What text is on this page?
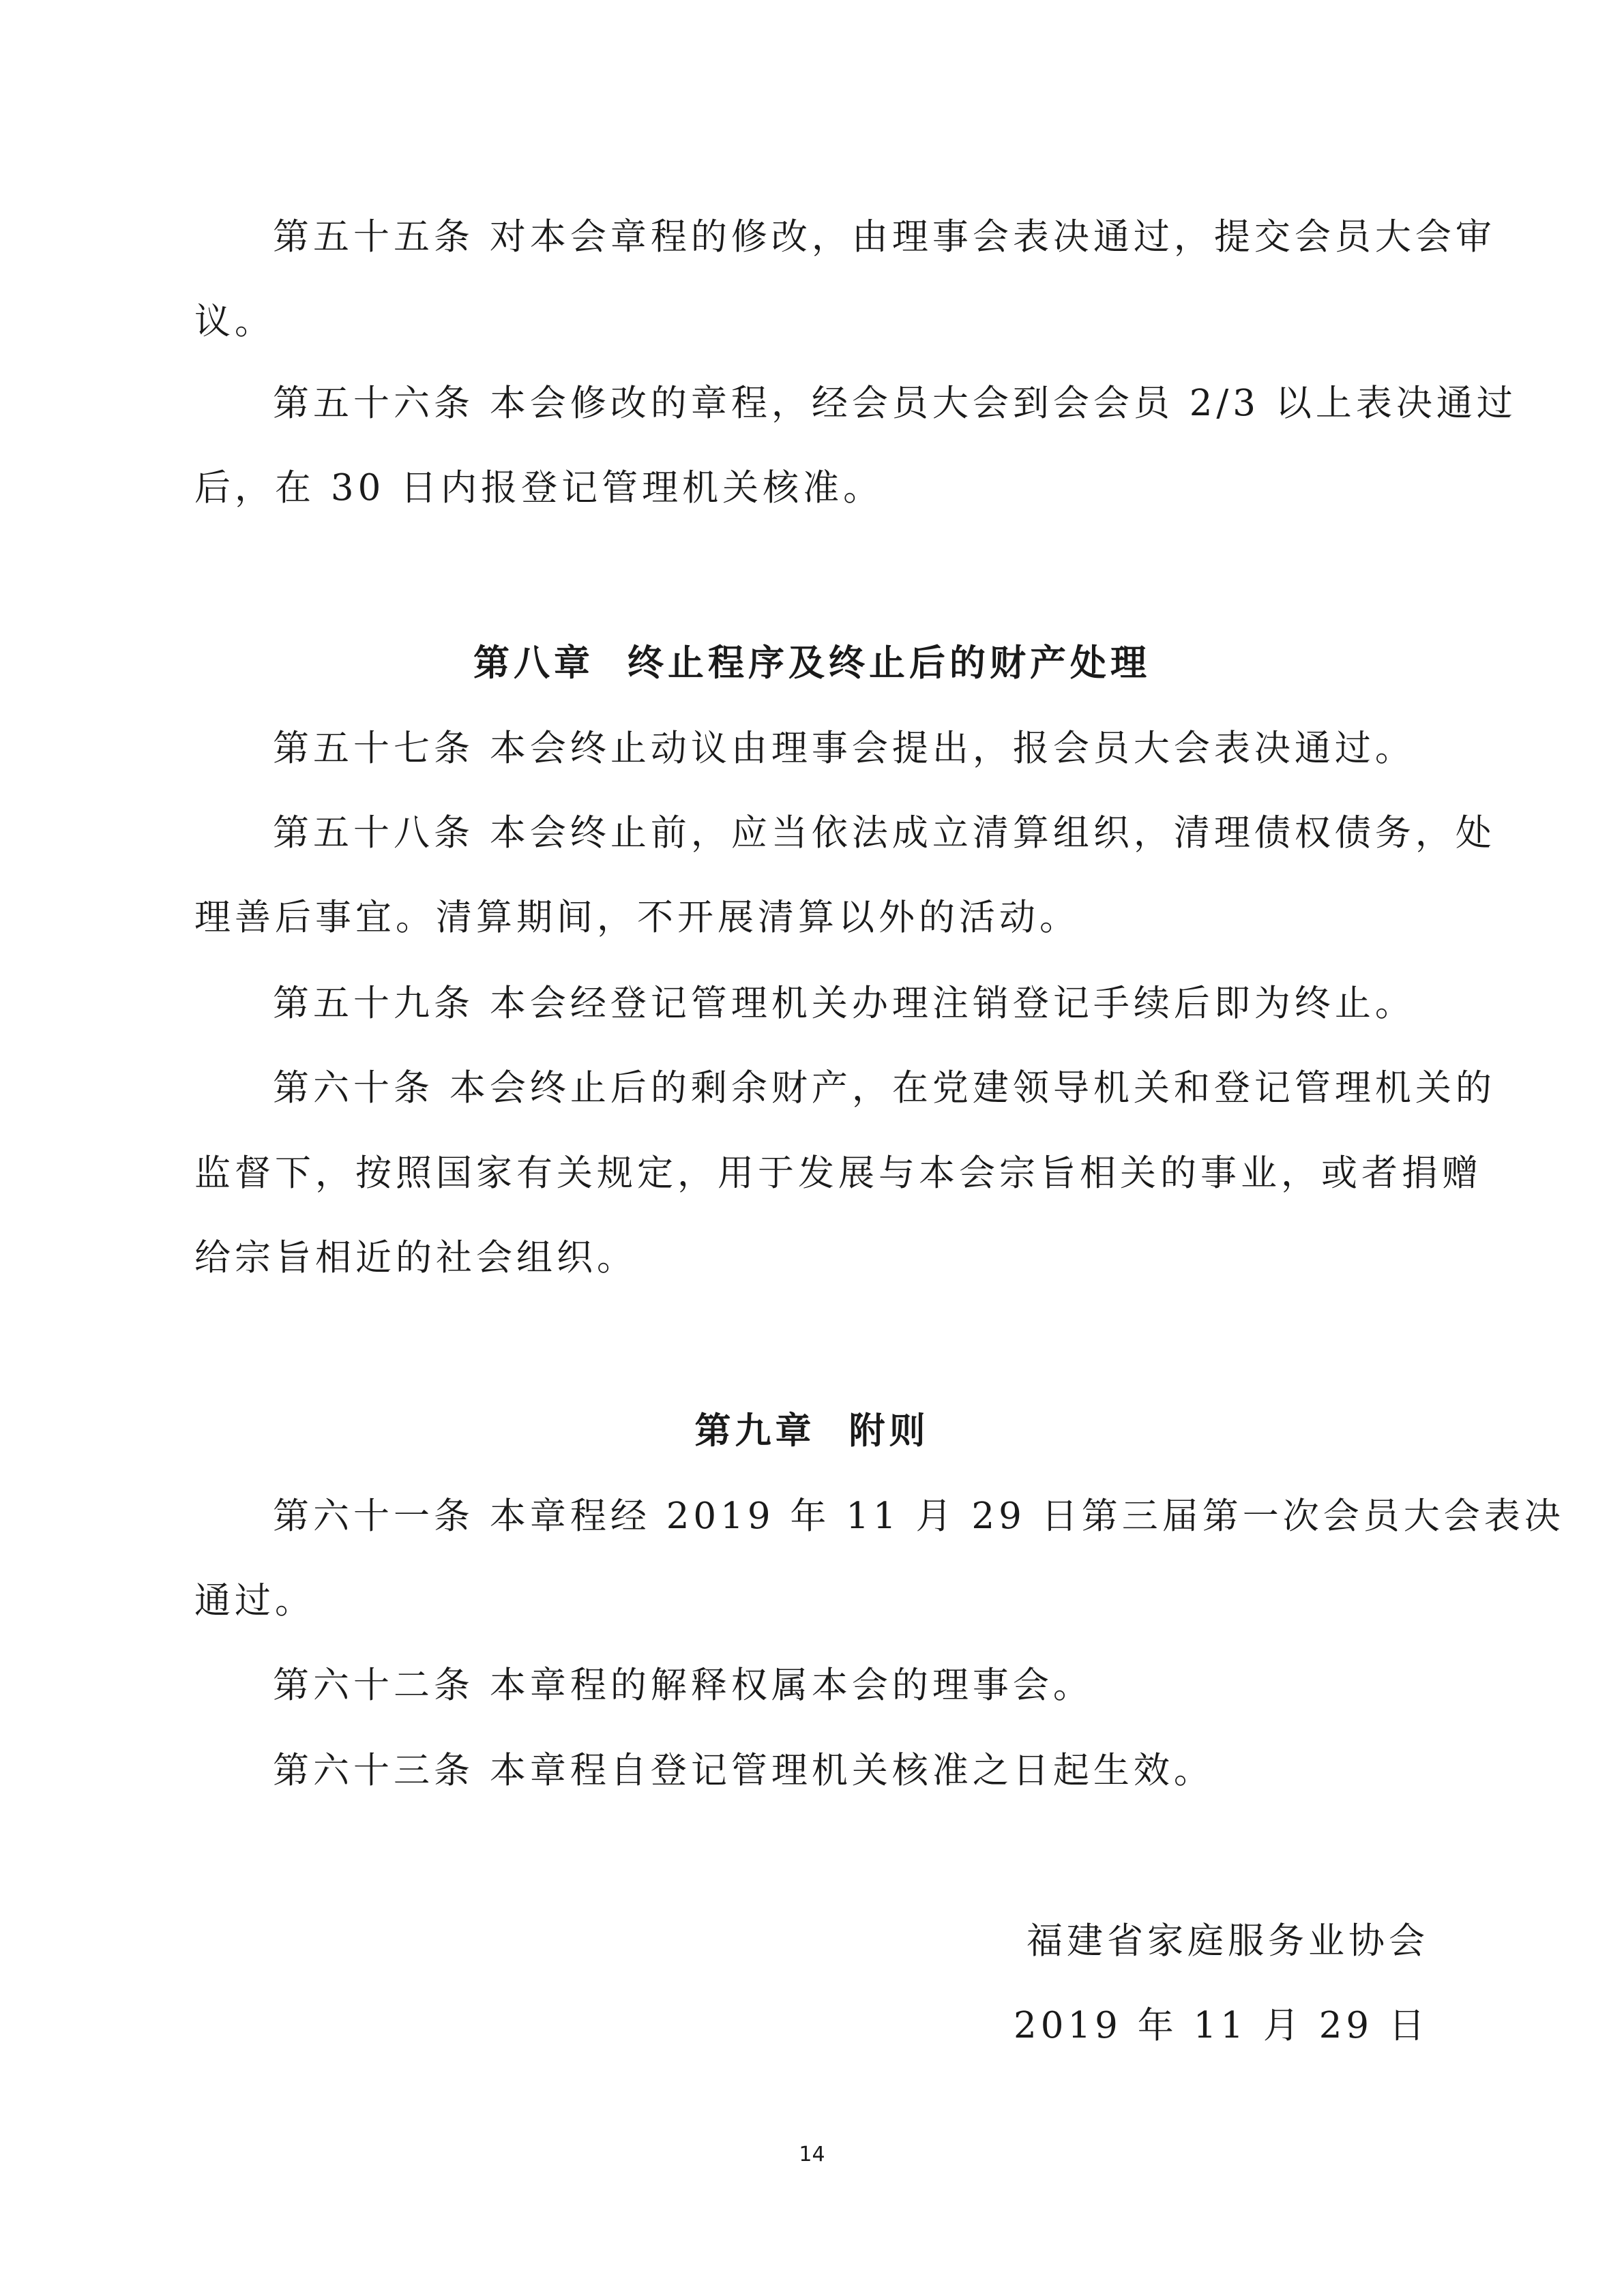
第五十五条 对本会章程的修改，由理事会表决通过，提交会员大会审
议。
第五十六条 本会修改的章程，经会员大会到会会员 2/3 以上表决通过
后，在 30 日内报登记管理机关核准。
第八章  终止程序及终止后的财产处理
第五十七条 本会终止动议由理事会提出，报会员大会表决通过。
第五十八条 本会终止前，应当依法成立清算组织，清理债权债务，处
理善后事宜。清算期间，不开展清算以外的活动。
第五十九条 本会经登记管理机关办理注销登记手续后即为终止。
第六十条 本会终止后的剩余财产，在党建领导机关和登记管理机关的
监督下，按照国家有关规定，用于发展与本会宗旨相关的事业，或者捐赠
给宗旨相近的社会组织。
第九章  附则
第六十一条 本章程经 2019 年 11 月 29 日第三届第一次会员大会表决
通过。
第六十二条 本章程的解释权属本会的理事会。
第六十三条 本章程自登记管理机关核准之日起生效。
福建省家庭服务业协会
2019 年 11 月 29 日
14
